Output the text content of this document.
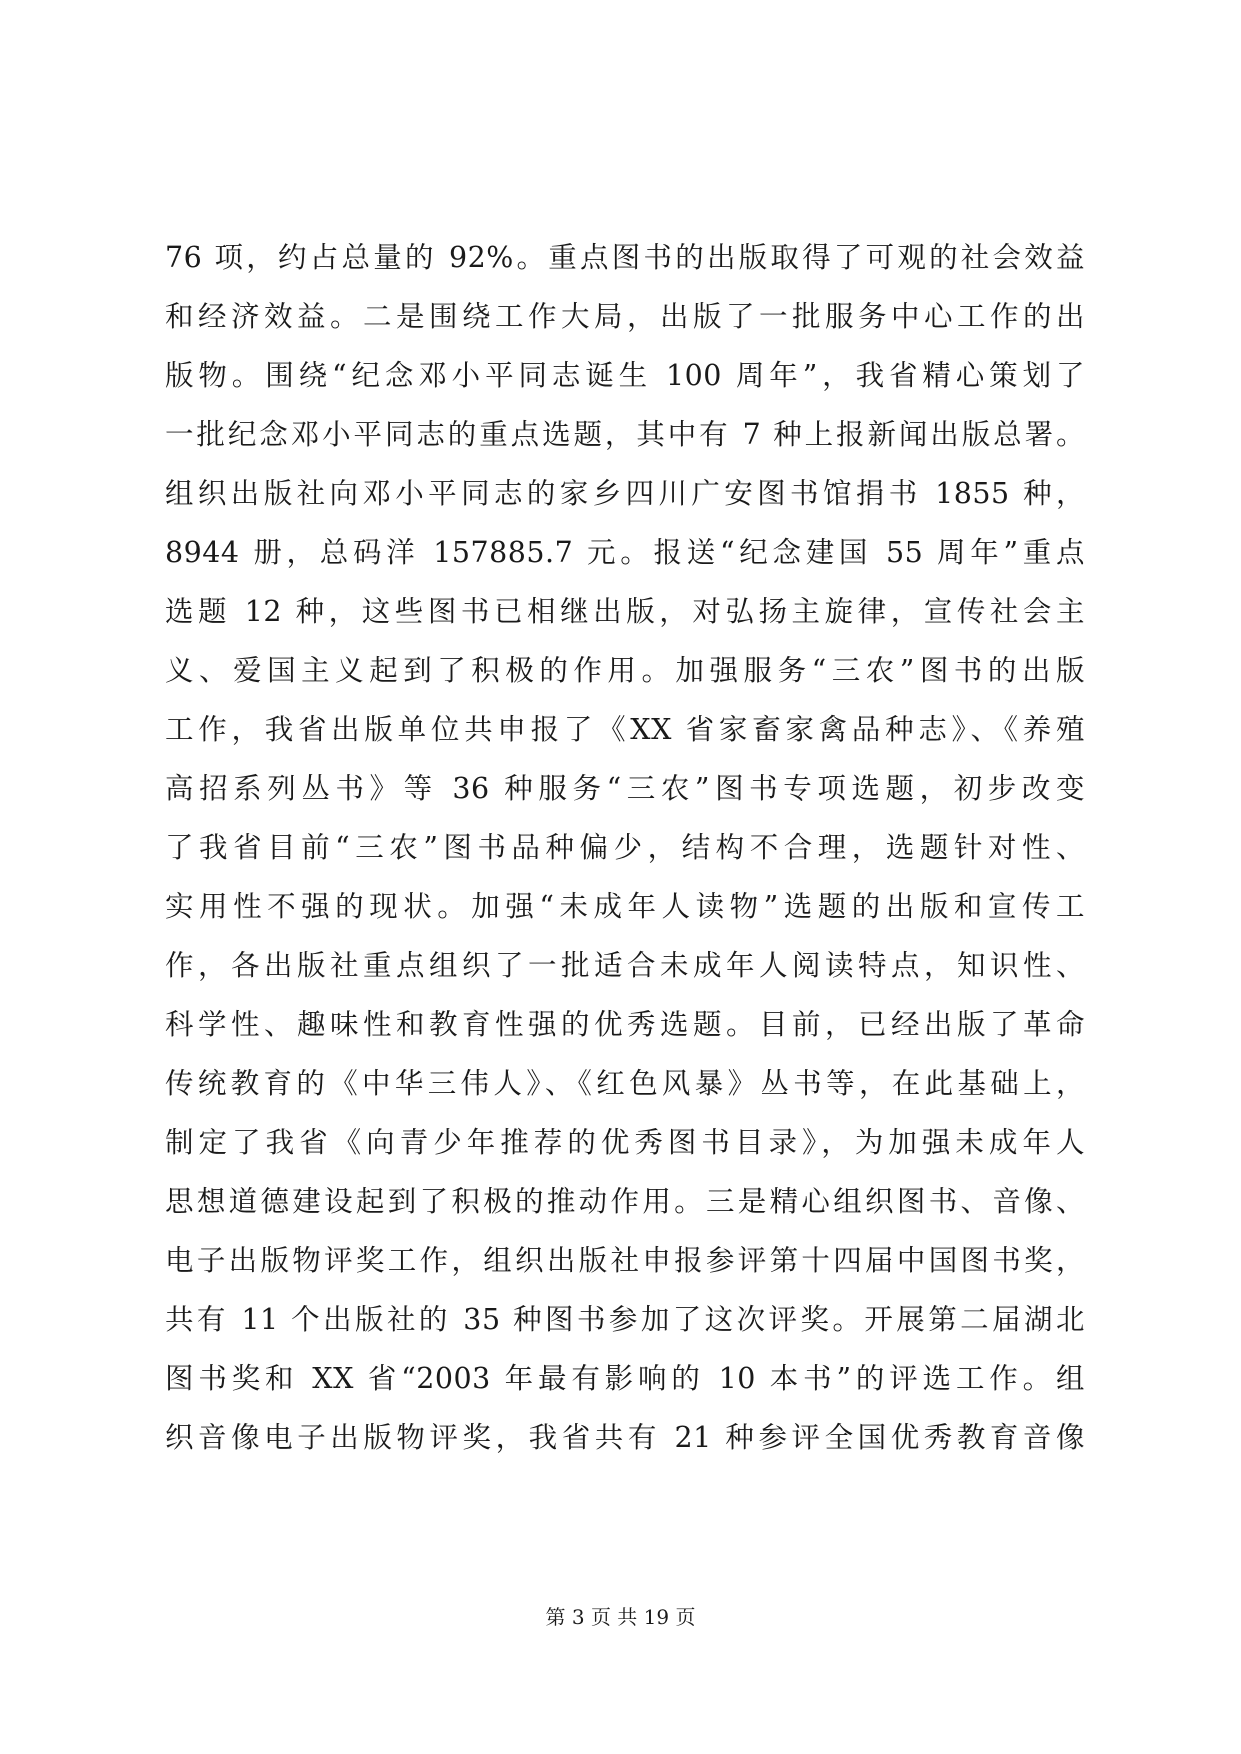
76 项，约占总量的 92%。重点图书的出版取得了可观的社会效益
和经济效益。二是围绕工作大局，出版了一批服务中心工作的出
版物。围绕“纪念邓小平同志诞生 100 周年”，我省精心策划了
一批纪念邓小平同志的重点选题，其中有 7 种上报新闻出版总署。
组织出版社向邓小平同志的家乡四川广安图书馆捐书 1855 种，
8944 册，总码洋 157885.7 元。报送“纪念建国 55 周年”重点
选题 12 种，这些图书已相继出版，对弘扬主旋律，宣传社会主
义、爱国主义起到了积极的作用。加强服务“三农”图书的出版
工作，我省出版单位共申报了《XX 省家畜家禽品种志》、《养殖
高招系列丛书》等 36 种服务“三农”图书专项选题，初步改变
了我省目前“三农”图书品种偏少，结构不合理，选题针对性、
实用性不强的现状。加强“未成年人读物”选题的出版和宣传工
作，各出版社重点组织了一批适合未成年人阅读特点，知识性、
科学性、趣味性和教育性强的优秀选题。目前，已经出版了革命
传统教育的《中华三伟人》、《红色风暴》丛书等，在此基础上，
制定了我省《向青少年推荐的优秀图书目录》，为加强未成年人
思想道德建设起到了积极的推动作用。三是精心组织图书、音像、
电子出版物评奖工作，组织出版社申报参评第十四届中国图书奖，
共有 11 个出版社的 35 种图书参加了这次评奖。开展第二届湖北
图书奖和 XX 省“2003 年最有影响的 10 本书”的评选工作。组
织音像电子出版物评奖，我省共有 21 种参评全国优秀教育音像
第 3 页 共 19 页
